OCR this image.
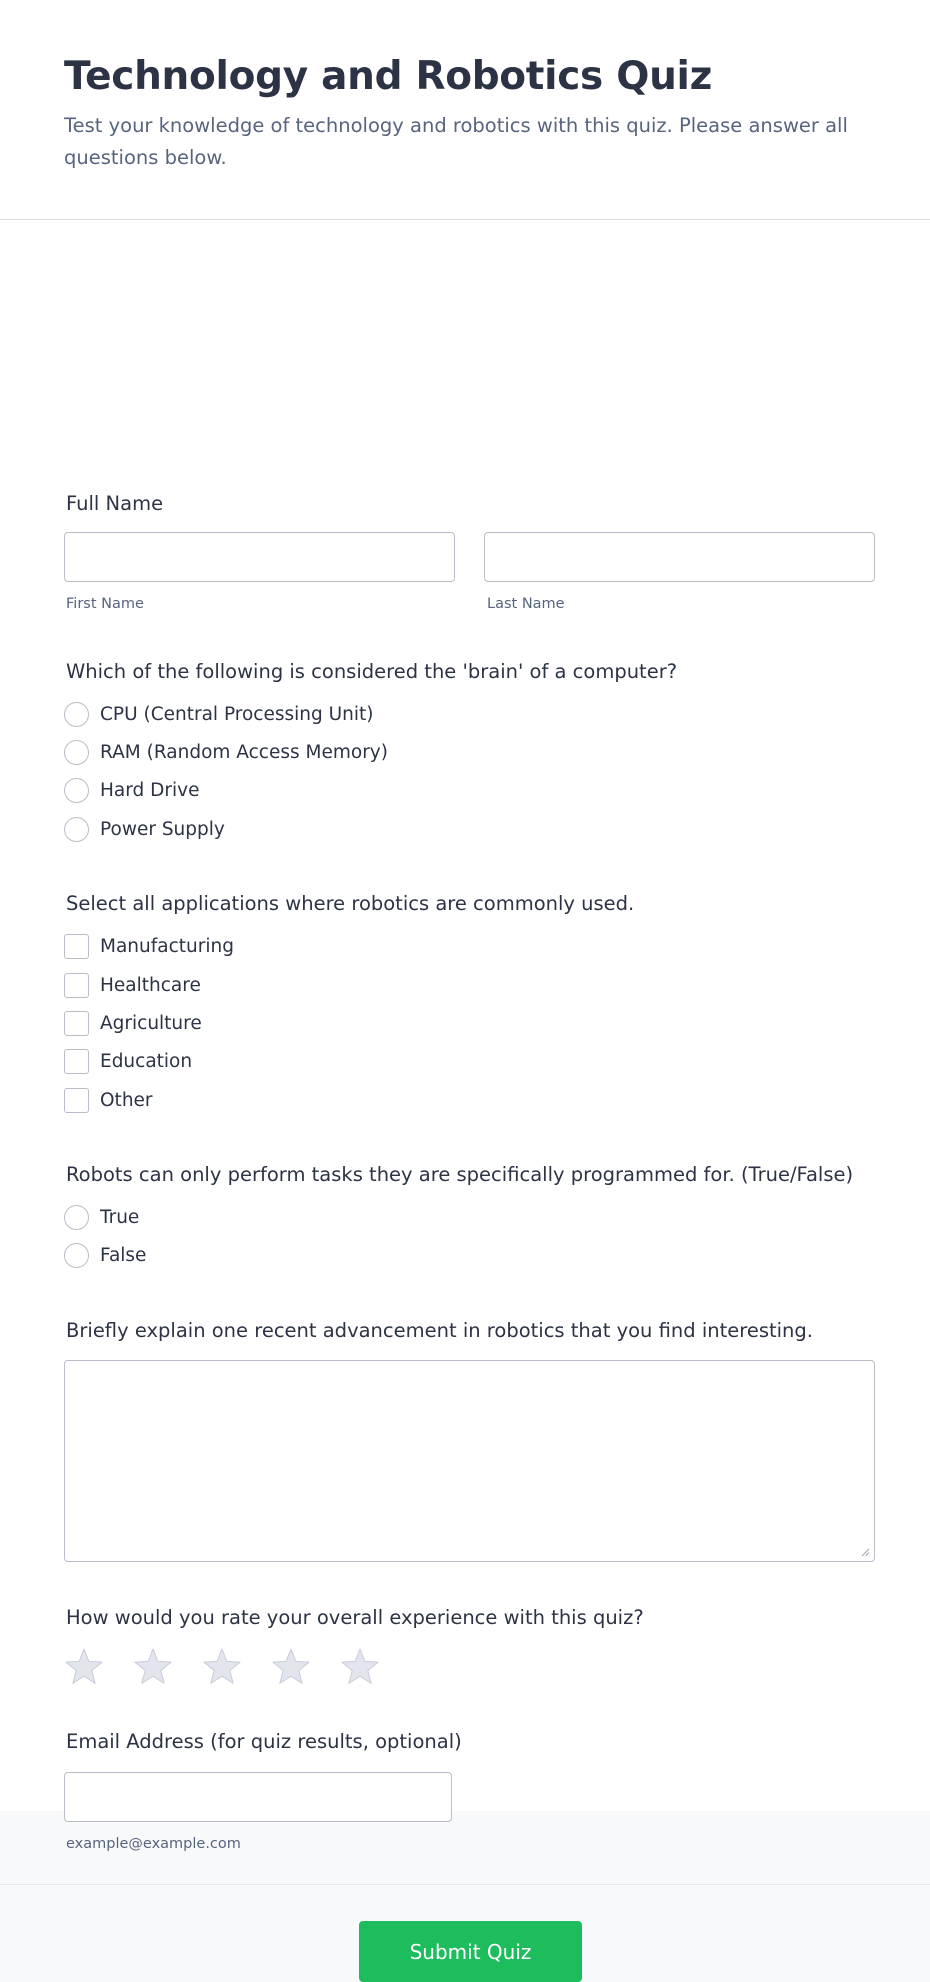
Technology and Robotics Quiz

Test your knowledge of technology and robotics with this quiz. Please answer all questions below.

Full Name
First Name	Last Name
Which of the following is considered the 'brain' of a computer?
CPU (Central Processing Unit)
RAM (Random Access Memory)
Hard Drive
Power Supply
Select all applications where robotics are commonly used.
Manufacturing
Healthcare
Agriculture
Education
Other
Robots can only perform tasks they are specifically programmed for. (True/False)
True
False
Briefly explain one recent advancement in robotics that you find interesting.
How would you rate your overall experience with this quiz?
Email Address (for quiz results, optional)
example@example.com
Submit Quiz
